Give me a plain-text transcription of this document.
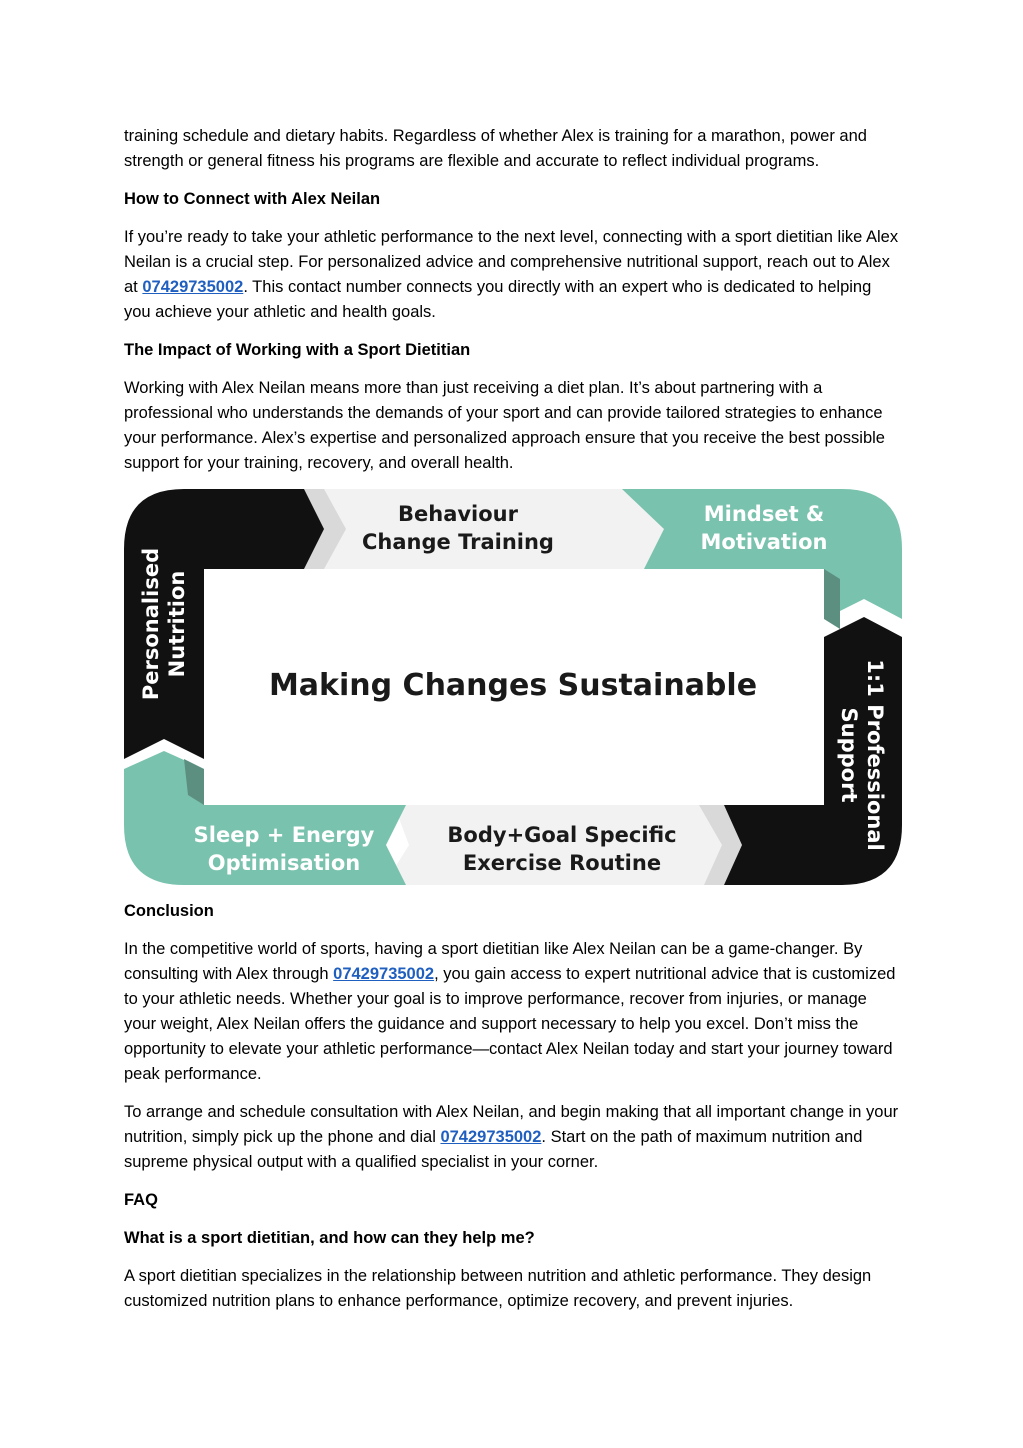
training schedule and dietary habits. Regardless of whether Alex is training for a marathon, power and strength or general fitness his programs are flexible and accurate to reflect individual programs.

How to Connect with Alex Neilan

If you’re ready to take your athletic performance to the next level, connecting with a sport dietitian like Alex Neilan is a crucial step. For personalized advice and comprehensive nutritional support, reach out to Alex at 07429735002. This contact number connects you directly with an expert who is dedicated to helping you achieve your athletic and health goals.

The Impact of Working with a Sport Dietitian

Working with Alex Neilan means more than just receiving a diet plan. It’s about partnering with a professional who understands the demands of your sport and can provide tailored strategies to enhance your performance. Alex’s expertise and personalized approach ensure that you receive the best possible support for your training, recovery, and overall health.

Making Changes Sustainable
Behaviour
Change Training
Mindset &
Motivation
Personalised Nutrition
1:1 Professional
Support
Sleep + Energy
Optimisation
Body+Goal Specific
Exercise Routine
Conclusion

In the competitive world of sports, having a sport dietitian like Alex Neilan can be a game-changer. By consulting with Alex through 07429735002, you gain access to expert nutritional advice that is customized to your athletic needs. Whether your goal is to improve performance, recover from injuries, or manage your weight, Alex Neilan offers the guidance and support necessary to help you excel. Don’t miss the opportunity to elevate your athletic performance—contact Alex Neilan today and start your journey toward peak performance.

To arrange and schedule consultation with Alex Neilan, and begin making that all important change in your nutrition, simply pick up the phone and dial 07429735002. Start on the path of maximum nutrition and supreme physical output with a qualified specialist in your corner.

FAQ
What is a sport dietitian, and how can they help me?

A sport dietitian specializes in the relationship between nutrition and athletic performance. They design customized nutrition plans to enhance performance, optimize recovery, and prevent injuries.
